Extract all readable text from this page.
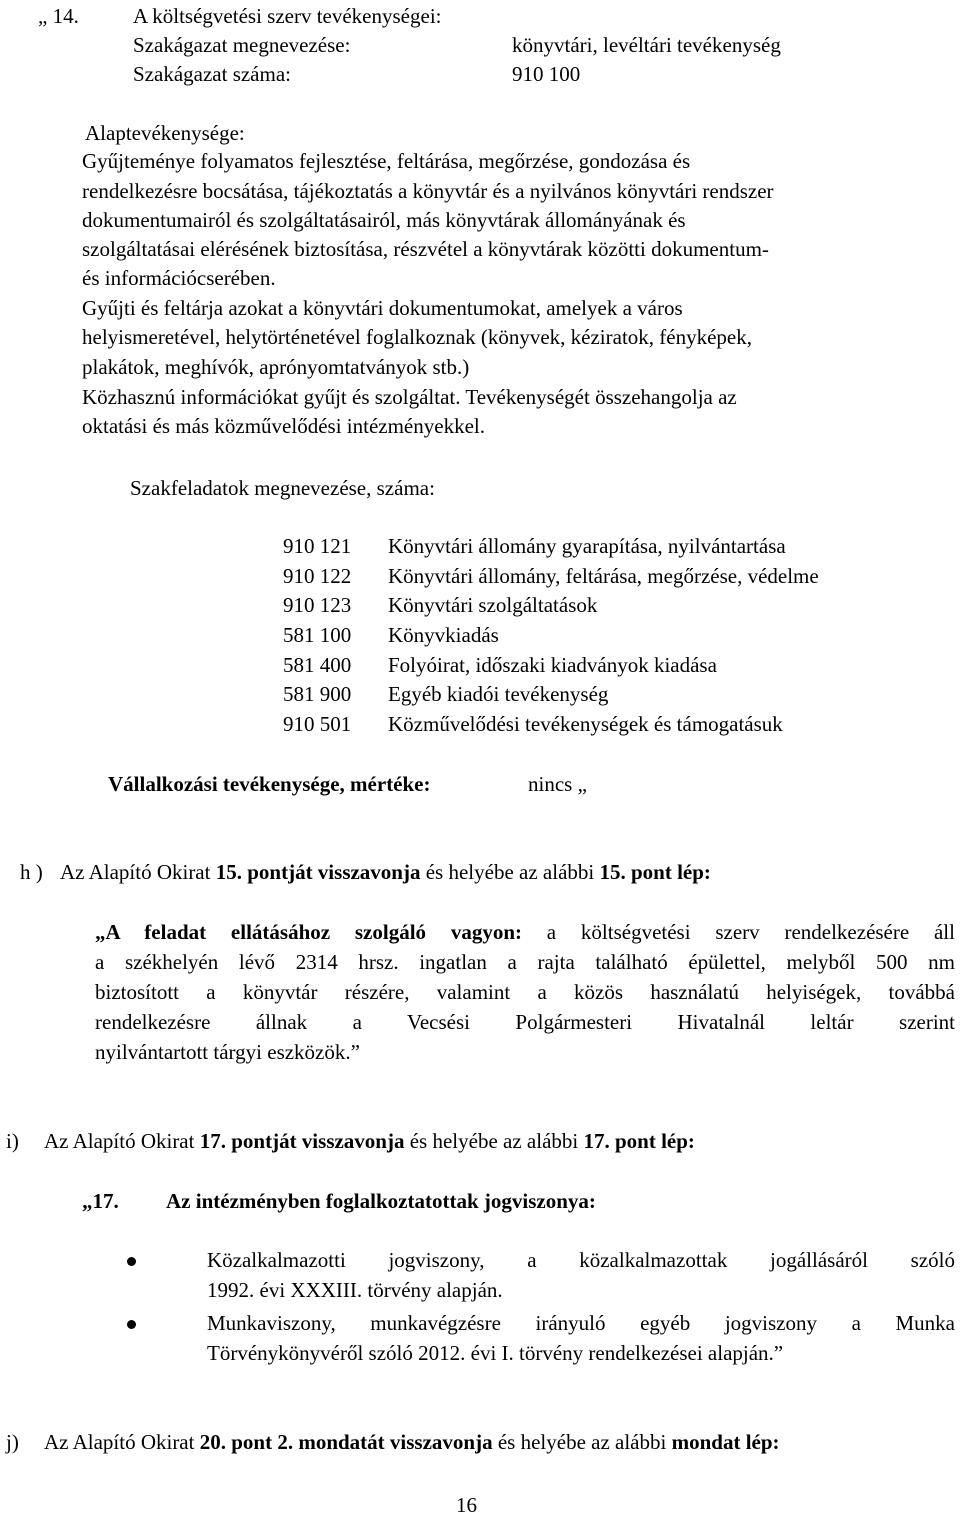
„ 14.	A költségvetési szerv tevékenységei:
Szakágazat megnevezése:	könyvtári, levéltári tevékenység
Szakágazat száma:	910 100
Alaptevékenysége:
Gyűjteménye folyamatos fejlesztése, feltárása, megőrzése, gondozása és
rendelkezésre bocsátása, tájékoztatás a könyvtár és a nyilvános könyvtári rendszer
dokumentumairól és szolgáltatásairól, más könyvtárak állományának és
szolgáltatásai elérésének biztosítása, részvétel a könyvtárak közötti dokumentum-
és információcserében.
Gyűjti és feltárja azokat a könyvtári dokumentumokat, amelyek a város
helyismeretével, helytörténetével foglalkoznak (könyvek, kéziratok, fényképek,
plakátok, meghívók, aprónyomtatványok stb.)
Közhasznú információkat gyűjt és szolgáltat. Tevékenységét összehangolja az
oktatási és más közművelődési intézményekkel.
Szakfeladatok megnevezése, száma:
910 121 Könyvtári állomány gyarapítása, nyilvántartása
910 122 Könyvtári állomány, feltárása, megőrzése, védelme
910 123 Könyvtári szolgáltatások
581 100 Könyvkiadás
581 400 Folyóirat, időszaki kiadványok kiadása
581 900 Egyéb kiadói tevékenység
910 501 Közművelődési tevékenységek és támogatásuk
Vállalkozási tevékenysége, mértéke:	nincs „
h ) Az Alapító Okirat 15. pontját visszavonja és helyébe az alábbi 15. pont lép:
„A feladat ellátásához szolgáló vagyon: a költségvetési szerv rendelkezésére áll
a székhelyén lévő 2314 hrsz. ingatlan a rajta található épülettel, melyből 500 nm
biztosított a könyvtár részére, valamint a közös használatú helyiségek, továbbá
rendelkezésre állnak a Vecsési Polgármesteri Hivatalnál leltár szerint
nyilvántartott tárgyi eszközök.”
i) Az Alapító Okirat 17. pontját visszavonja és helyébe az alábbi 17. pont lép:
„17. Az intézményben foglalkoztatottak jogviszonya:
Közalkalmazotti jogviszony, a közalkalmazottak jogállásáról szóló
1992. évi XXXIII. törvény alapján.
Munkaviszony, munkavégzésre irányuló egyéb jogviszony a Munka
Törvénykönyvéről szóló 2012. évi I. törvény rendelkezései alapján.”
j) Az Alapító Okirat 20. pont 2. mondatát visszavonja és helyébe az alábbi mondat lép:
16
